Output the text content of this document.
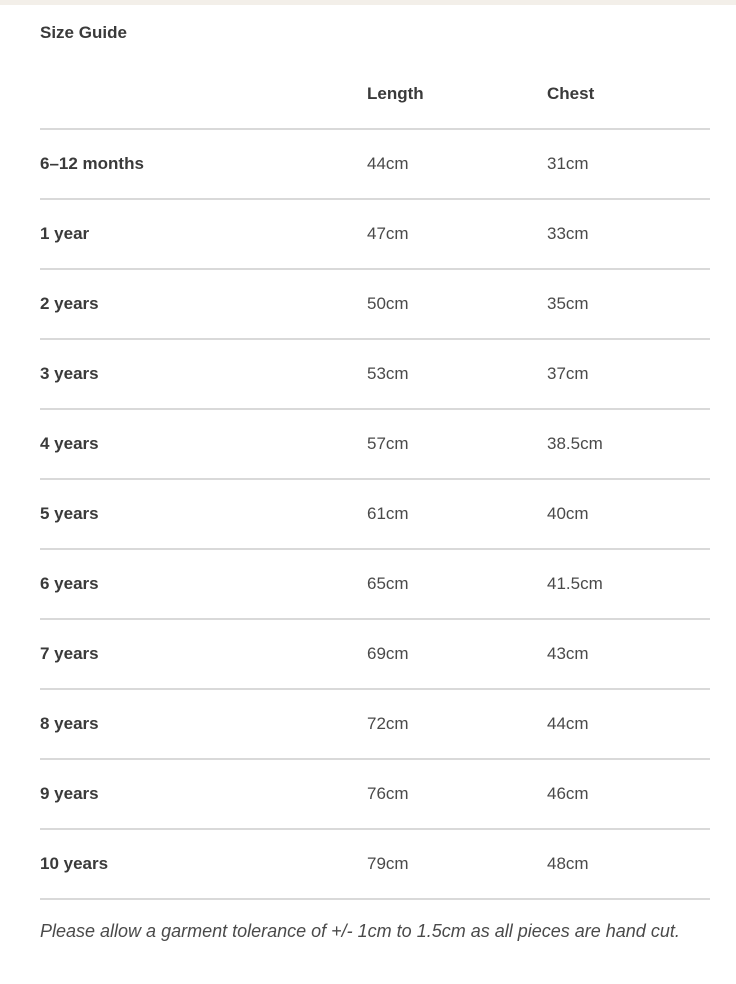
Size Guide
	Length	Chest
6–12 months	44cm	31cm
1 year	47cm	33cm
2 years	50cm	35cm
3 years	53cm	37cm
4 years	57cm	38.5cm
5 years	61cm	40cm
6 years	65cm	41.5cm
7 years	69cm	43cm
8 years	72cm	44cm
9 years	76cm	46cm
10 years	79cm	48cm

Please allow a garment tolerance of +/- 1cm to 1.5cm as all pieces are hand cut.
